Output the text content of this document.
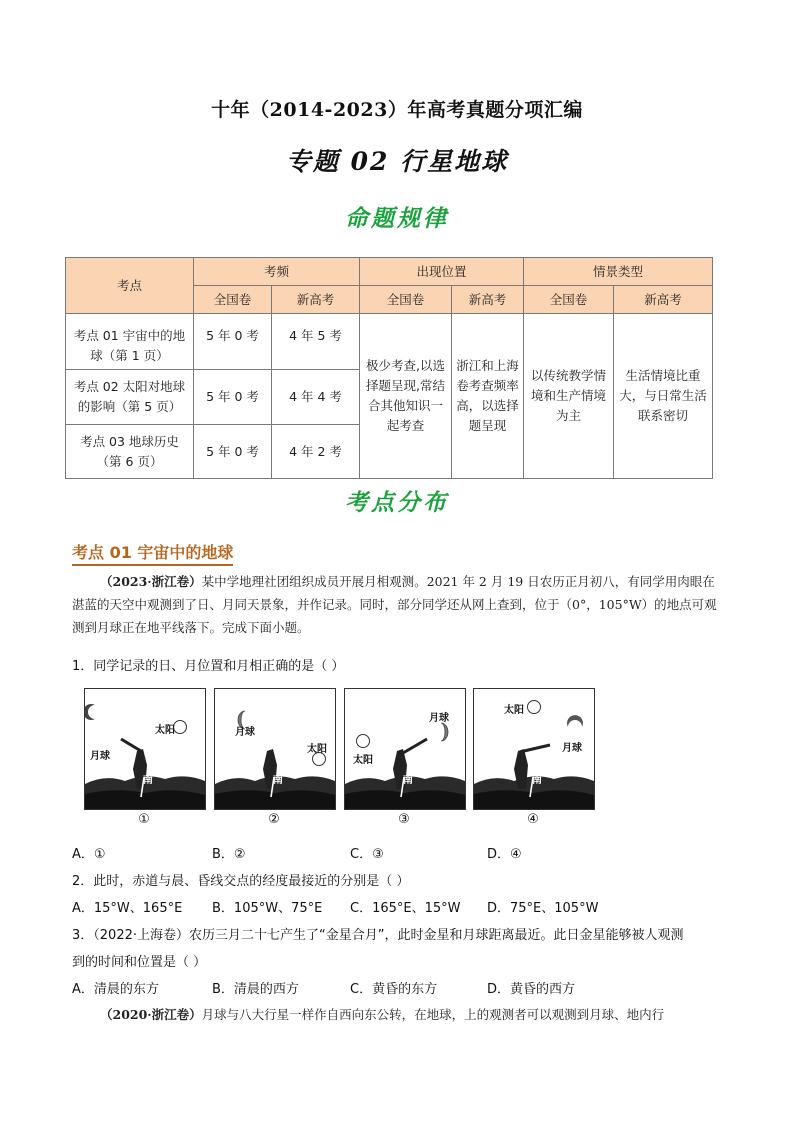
十年（2014-2023）年高考真题分项汇编
专题 02 行星地球
命题规律
考点	考频		出现位置		情景类型	
	全国卷	新高考	全国卷	新高考	全国卷	新高考
考点 01 宇宙中的地球（第 1 页）	5 年 0 考	4 年 5 考	极少考查,以选择题呈现,常结合其他知识一起考查	浙江和上海卷考查频率高，以选择题呈现	以传统教学情境和生产情境为主	生活情境比重大，与日常生活联系密切
考点 02 太阳对地球的影响（第 5 页）	5 年 0 考	4 年 4 考				
考点 03 地球历史（第 6 页）	5 年 0 考	4 年 2 考				
考点分布
考点 01 宇宙中的地球
（2023·浙江卷）某中学地理社团组织成员开展月相观测。2021 年 2 月 19 日农历正月初八，有同学用肉眼在湛蓝的天空中观测到了日、月同天景象，并作记录。同时，部分同学还从网上查到，位于（0°，105°W）的地点可观测到月球正在地平线落下。完成下面小题。
1．同学记录的日、月位置和月相正确的是（ ）
太阳
月球
南
①
月球
太阳
南
②
月球
太阳
南
③
太阳
月球
南
④
A．①	B．②	C．③	D．④
2．此时，赤道与晨、昏线交点的经度最接近的分别是（ ）
A．15°W、165°E B．105°W、75°E C．165°E、15°W D．75°E、105°W
3．（2022·上海卷）农历三月二十七产生了“金星合月”，此时金星和月球距离最近。此日金星能够被人观测
到的时间和位置是（ ）
A．清晨的东方	B．清晨的西方	C．黄昏的东方	D．黄昏的西方
（2020·浙江卷）月球与八大行星一样作自西向东公转，在地球，上的观测者可以观测到月球、地内行
